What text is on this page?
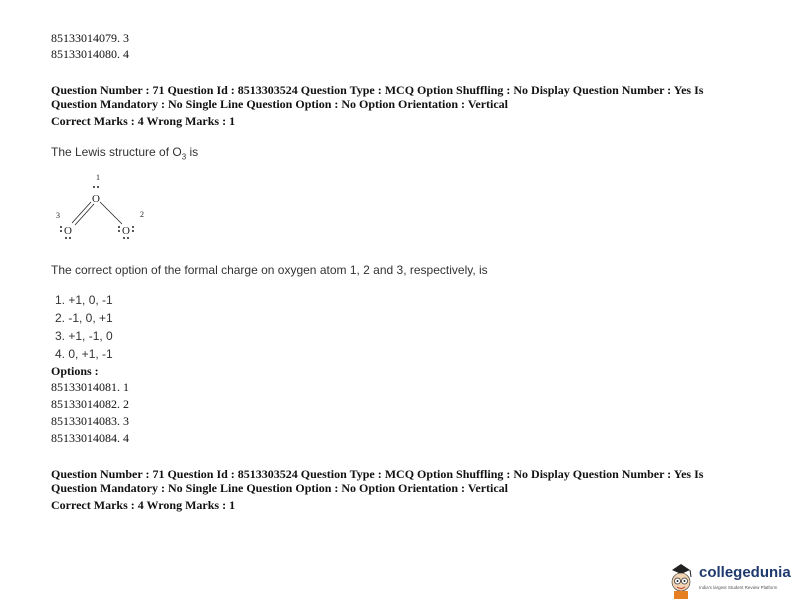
85133014079. 3
85133014080. 4
Question Number : 71 Question Id : 8513303524 Question Type : MCQ Option Shuffling : No Display Question Number : Yes Is
Question Mandatory : No Single Line Question Option : No Option Orientation : Vertical
Correct Marks : 4 Wrong Marks : 1
The Lewis structure of $O_3$ is
1
2
3
O
O	O
The correct option of the formal charge on oxygen atom 1, 2 and 3, respectively, is
1. +1, 0, -1
2. -1, 0, +1
3. +1, -1, 0
4. 0, +1, -1
Options :
85133014081. 1
85133014082. 2
85133014083. 3
85133014084. 4
Question Number : 71 Question Id : 8513303524 Question Type : MCQ Option Shuffling : No Display Question Number : Yes Is
Question Mandatory : No Single Line Question Option : No Option Orientation : Vertical
Correct Marks : 4 Wrong Marks : 1
collegedunia
India's largest Student Review Platform
